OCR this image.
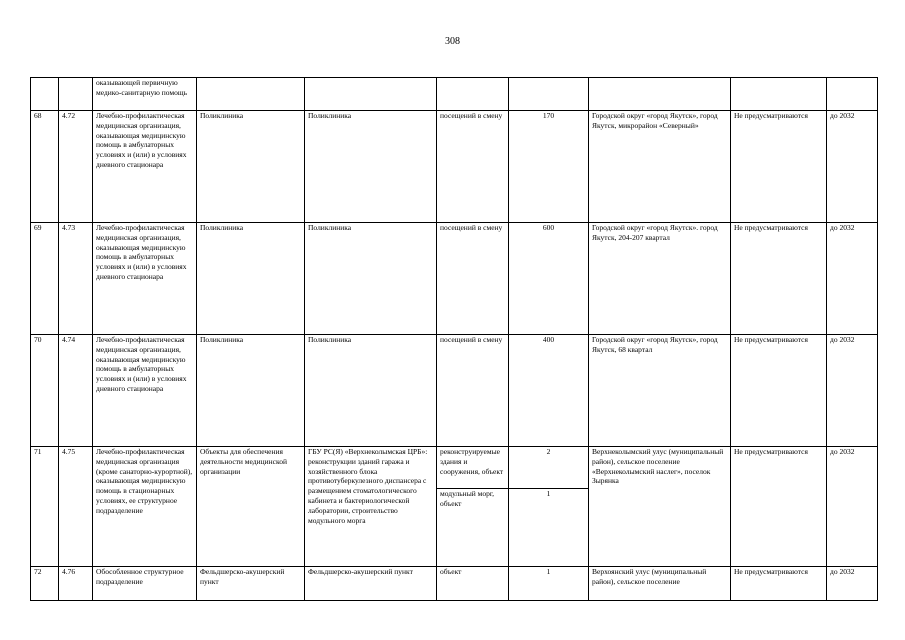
308
		оказывающей первичную медико-санитарную помощь							
68	4.72	Лечебно-профилактическая медицинская организация, оказывающая медицинскую помощь в амбулаторных условиях и (или) в условиях дневного стационара	Поликлиника	Поликлиника	посещений в смену	170	Городской округ «город Якутск», город Якутск, микрорайон «Северный»	Не предусматриваются	до 2032
69	4.73	Лечебно-профилактическая медицинская организация, оказывающая медицинскую помощь в амбулаторных условиях и (или) в условиях дневного стационара	Поликлиника	Поликлиника	посещений в смену	600	Городской округ «город Якутск». город Якутск, 204-207 квартал	Не предусматриваются	до 2032
70	4.74	Лечебно-профилактическая медицинская организация, оказывающая медицинскую помощь в амбулаторных условиях и (или) в условиях дневного стационара	Поликлиника	Поликлиника	посещений в смену	400	Городской округ «город Якутск», город Якутск, 68 квартал	Не предусматриваются	до 2032
71	4.75	Лечебно-профилактическая медицинская организация (кроме санаторно-курортной), оказывающая медицинскую помощь в стационарных условиях, ее структурное подразделение	Объекты для обеспечения деятельности медицинской организации	ГБУ РС(Я) «Верхнеколымская ЦРБ»: реконструкции зданий гаража и хозяйственного блока противотуберкулезного диспансера с размещением стоматологического кабинета и бактериологической лаборатории, строительство модульного морга	реконструируемые здания и сооружения, объект	2	Верхнеколымский улус (муниципальный район), сельское поселение «Верхнеколымский наслег», поселок Зырянка	Не предусматриваются	до 2032
					модульный морг, объект	1			
72	4.76	Обособленное структурное подразделение	Фельдшерско-акушерский пункт	Фельдшерско-акушерский пункт	объект	1	Верхоянский улус (муниципальный район), сельское поселение	Не предусматриваются	до 2032
